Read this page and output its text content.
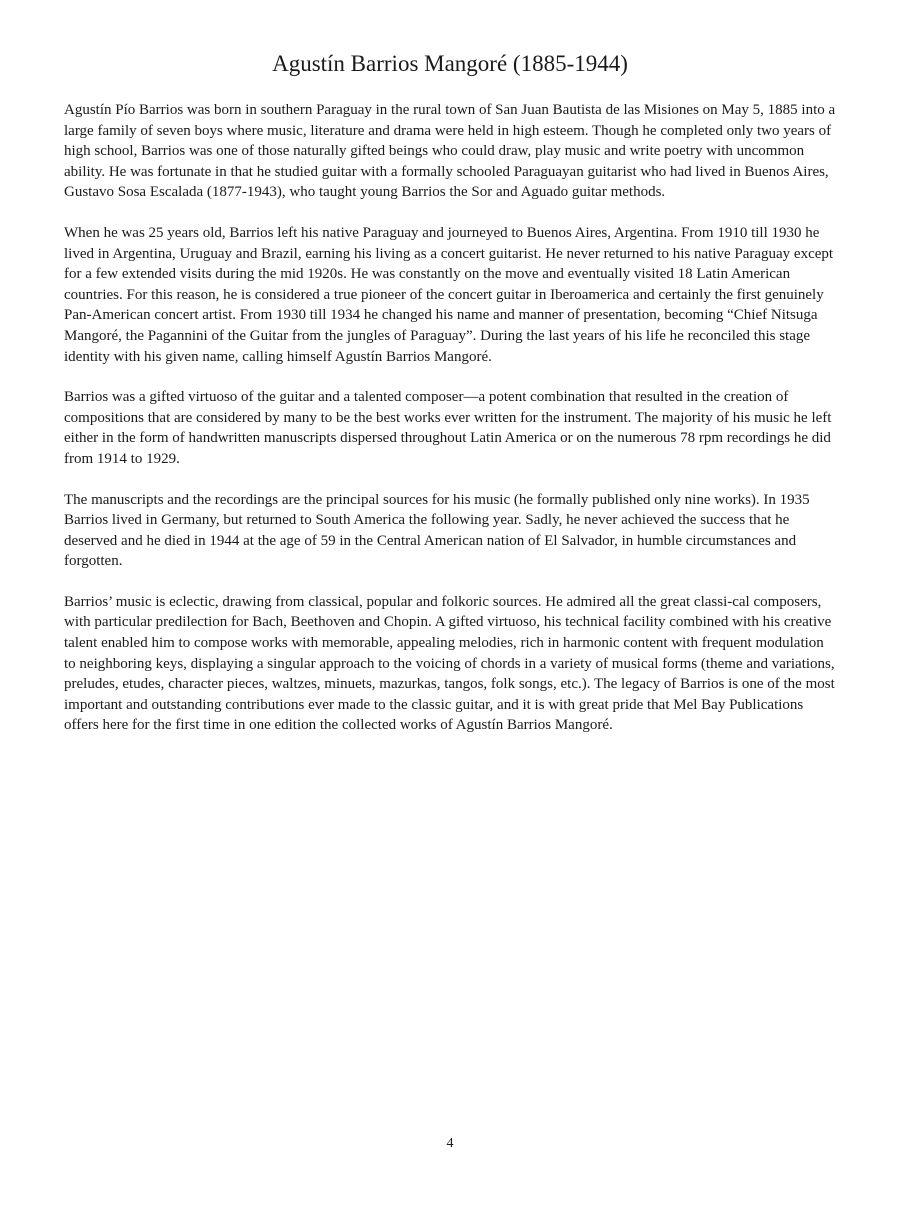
Agustín Barrios Mangoré (1885-1944)

Agustín Pío Barrios was born in southern Paraguay in the rural town of San Juan Bautista de las Misiones on May 5, 1885 into a large family of seven boys where music, literature and drama were held in high esteem. Though he completed only two years of high school, Barrios was one of those naturally gifted beings who could draw, play music and write poetry with uncommon ability. He was fortunate in that he studied guitar with a formally schooled Paraguayan guitarist who had lived in Buenos Aires, Gustavo Sosa Escalada (1877-1943), who taught young Barrios the Sor and Aguado guitar methods.

When he was 25 years old, Barrios left his native Paraguay and journeyed to Buenos Aires, Argentina. From 1910 till 1930 he lived in Argentina, Uruguay and Brazil, earning his living as a concert guitarist. He never returned to his native Paraguay except for a few extended visits during the mid 1920s. He was constantly on the move and eventually visited 18 Latin American countries. For this reason, he is considered a true pioneer of the concert guitar in Iberoamerica and certainly the first genuinely Pan-American concert artist. From 1930 till 1934 he changed his name and manner of presentation, becoming “Chief Nitsuga Mangoré, the Pagannini of the Guitar from the jungles of Paraguay”. During the last years of his life he reconciled this stage identity with his given name, calling himself Agustín Barrios Mangoré.

Barrios was a gifted virtuoso of the guitar and a talented composer—a potent combination that resulted in the creation of compositions that are considered by many to be the best works ever written for the instrument. The majority of his music he left either in the form of handwritten manuscripts dispersed throughout Latin America or on the numerous 78 rpm recordings he did from 1914 to 1929.

The manuscripts and the recordings are the principal sources for his music (he formally published only nine works). In 1935 Barrios lived in Germany, but returned to South America the following year. Sadly, he never achieved the success that he deserved and he died in 1944 at the age of 59 in the Central American nation of El Salvador, in humble circumstances and forgotten.

Barrios’ music is eclectic, drawing from classical, popular and folkoric sources. He admired all the great classi-cal composers, with particular predilection for Bach, Beethoven and Chopin. A gifted virtuoso, his technical facility combined with his creative talent enabled him to compose works with memorable, appealing melodies, rich in harmonic content with frequent modulation to neighboring keys, displaying a singular approach to the voicing of chords in a variety of musical forms (theme and variations, preludes, etudes, character pieces, waltzes, minuets, mazurkas, tangos, folk songs, etc.). The legacy of Barrios is one of the most important and outstanding contributions ever made to the classic guitar, and it is with great pride that Mel Bay Publications offers here for the first time in one edition the collected works of Agustín Barrios Mangoré.

4
